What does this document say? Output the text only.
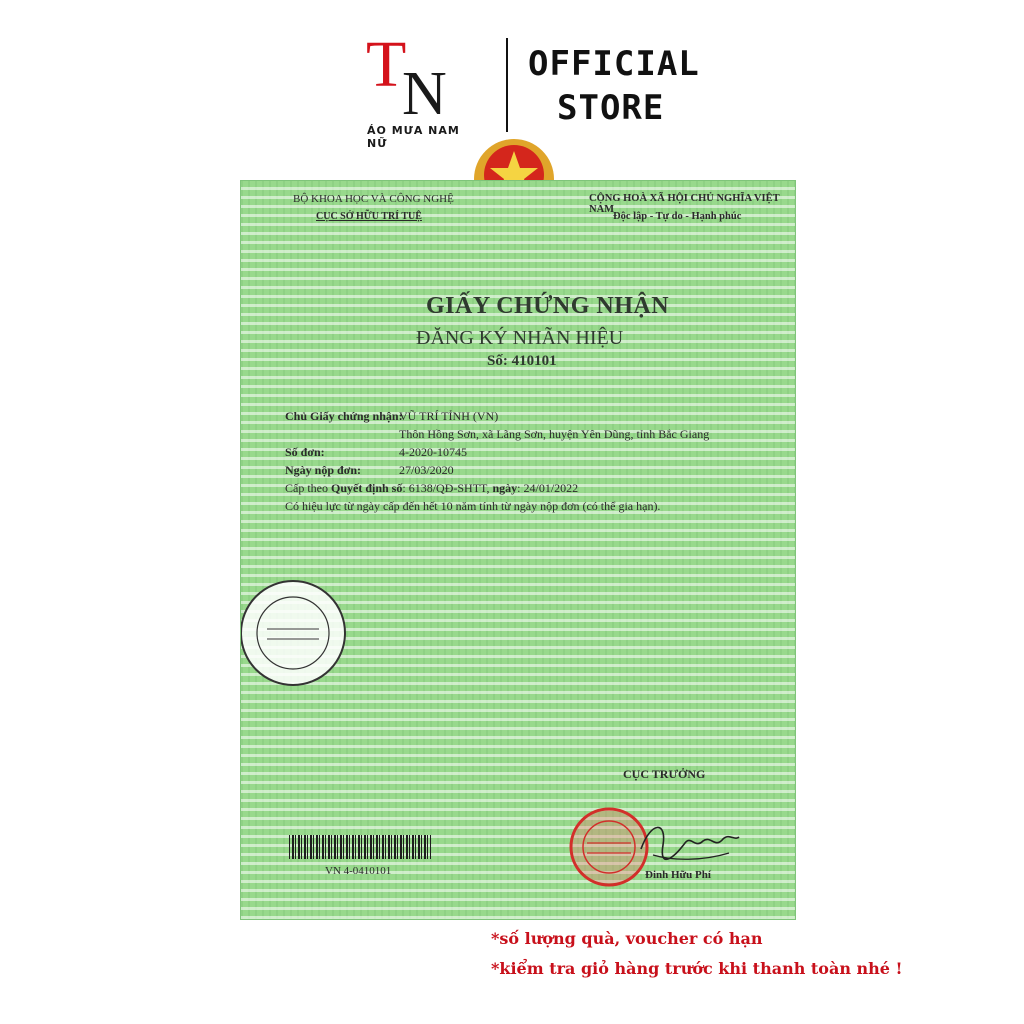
T
N
ÁO MƯA NAM NỮ
OFFICIAL
STORE
BỘ KHOA HỌC VÀ CÔNG NGHỆ
CỤC SỞ HỮU TRÍ TUỆ
CỘNG HOÀ XÃ HỘI CHỦ NGHĨA VIỆT NAM
Độc lập - Tự do - Hạnh phúc
GIẤY CHỨNG NHẬN
ĐĂNG KÝ NHÃN HIỆU
Số: 410101
Chủ Giấy chứng nhận:
VŨ TRÍ TỈNH (VN)
Thôn Hồng Sơn, xã Lãng Sơn, huyện Yên Dũng, tỉnh Bắc Giang
Số đơn:	4-2020-10745
Ngày nộp đơn:	27/03/2020
Cấp theo Quyết định số: 6138/QĐ-SHTT, ngày: 24/01/2022
Có hiệu lực từ ngày cấp đến hết 10 năm tính từ ngày nộp đơn (có thể gia hạn).
CỤC TRƯỞNG
Đinh Hữu Phí
VN 4-0410101
*số lượng quà, voucher có hạn
*kiểm tra giỏ hàng trước khi thanh toàn nhé !
